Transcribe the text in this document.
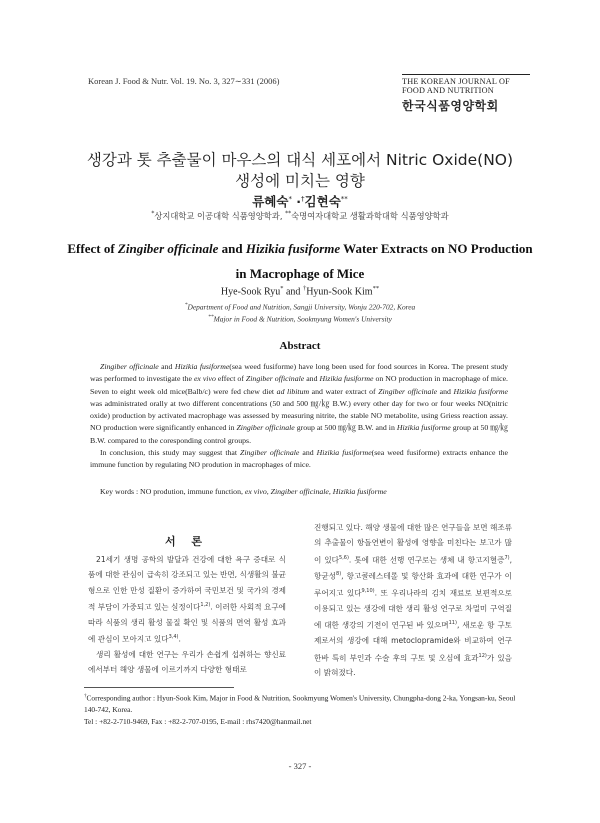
Korean J. Food & Nutr. Vol. 19. No. 3, 327∼331 (2006)	THE KOREAN JOURNAL OF
FOOD AND NUTRITION
한국식품영양학회
생강과 톳 추출물이 마우스의 대식 세포에서 Nitric Oxide(NO)
생성에 미치는 영향
류혜숙* ·†김현숙**
*상지대학교 이공대학 식품영양학과, **숙명여자대학교 생활과학대학 식품영양학과
Effect of Zingiber officinale and Hizikia fusiforme Water Extracts on NO Production
in Macrophage of Mice
Hye-Sook Ryu* and †Hyun-Sook Kim**
*Department of Food and Nutrition, Sangji University, Wonju 220-702, Korea
**Major in Food & Nutrition, Sookmyung Women's University
Abstract

Zingiber officinale and Hizikia fusiforme(sea weed fusiforme) have long been used for food sources in Korea. The present study was performed to investigate the ex vivo effect of Zingiber officinale and Hizikia fusiforme on NO production in macrophage of mice. Seven to eight week old mice(Balb/c) were fed chew diet ad libitum and water extract of Zingiber officinale and Hizikia fusiforme was administrated orally at two different concentrations (50 and 500 ㎎/㎏ B.W.) every other day for two or four weeks NO(nitric oxide) production by activated macrophage was assessed by measuring nitrite, the stable NO metabolite, using Griess reaction assay. NO production were significantly enhanced in Zingiber officinale group at 500 ㎎/㎏ B.W. and in Hizikia fusiforme group at 50 ㎎/㎏ B.W. compared to the coresponding control groups.

In conclusion, this study may suggest that Zingiber officinale and Hizikia fusiforme(sea weed fusiforme) extracts enhance the immune function by regulating NO prodution in macrophages of mice.

Key words : NO prodution, immune function, ex vivo, Zingiber officinale, Hizikia fusiforme
서 론

21세기 생명 공학의 발달과 건강에 대한 욕구 증대로 식품에 대한 관심이 급속히 강조되고 있는 반면, 식생활의 불균형으로 인한 만성 질환이 증가하여 국민보건 및 국가의 경제적 부담이 가중되고 있는 실정이다$^{1,2)}$. 이러한 사회적 요구에 따라 식품의 생리 활성 물질 확인 및 식품의 면역 활성 효과에 관심이 모아지고 있다$^{3,4)}$.

생리 활성에 대한 연구는 우리가 손쉽게 섭취하는 향신료에서부터 해양 생물에 이르기까지 다양한 형태로

진행되고 있다. 해양 생물에 대한 많은 연구들을 보면 해조류의 추출물이 항돌연변이 활성에 영향을 미친다는 보고가 많이 있다$^{5,6)}$. 톳에 대한 선행 연구로는 생체 내 항고지혈증$^{7)}$, 항균성$^{8)}$, 항고콜레스테롤 및 항산화 효과에 대한 연구가 이루어지고 있다$^{9,10)}$. 또 우리나라의 김치 재료로 보편적으로 이용되고 있는 생강에 대한 생리 활성 연구로 차멀미 구역질에 대한 생강의 기전이 연구된 바 있으며$^{11)}$, 새로운 항 구토제로서의 생강에 대해 metoclopramide와 비교하여 연구한바 특히 부인과 수술 후의 구토 및 오심에 효과$^{12)}$가 있음이 밝혀졌다.

†Corresponding author : Hyun-Sook Kim, Major in Food & Nutrition, Sookmyung Women's University, Chungpha-dong 2-ka, Yongsan-ku, Seoul 140-742, Korea.
Tel : +82-2-710-9469, Fax : +82-2-707-0195, E-mail : rhs7420@hanmail.net
- 327 -
